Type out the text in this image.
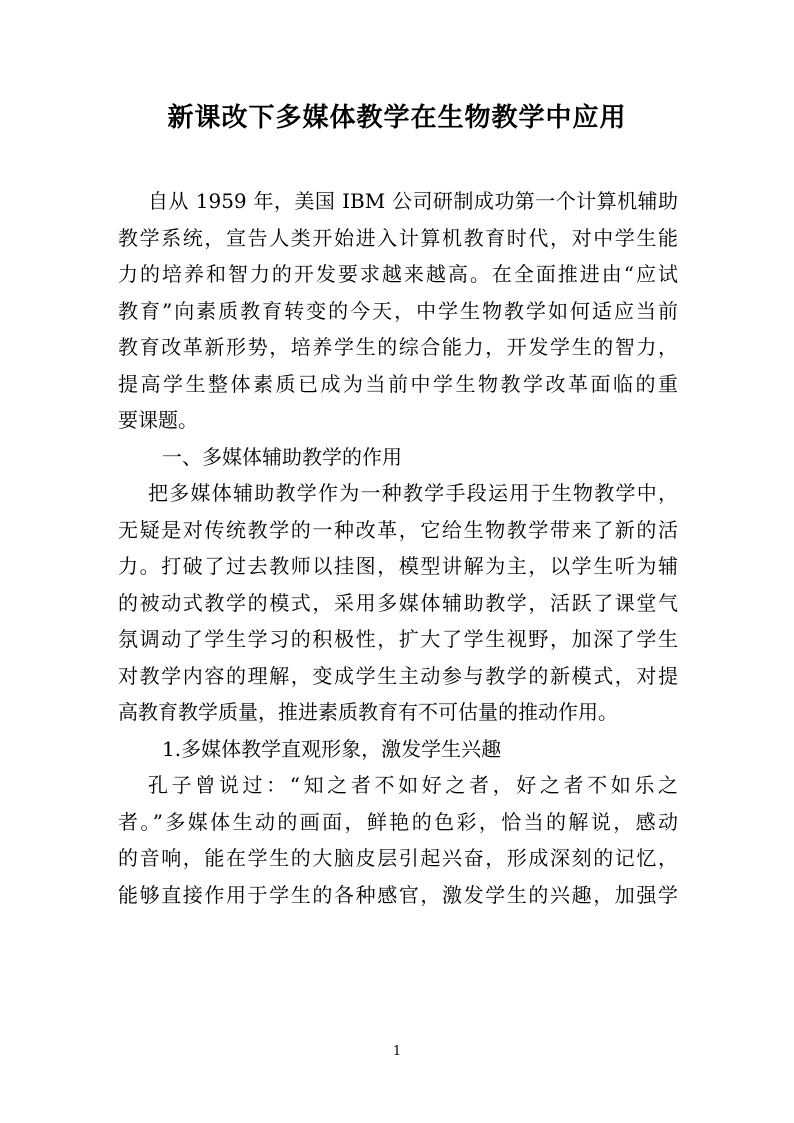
新课改下多媒体教学在生物教学中应用
自从 1959 年，美国 IBM 公司研制成功第一个计算机辅助
教学系统，宣告人类开始进入计算机教育时代，对中学生能
力的培养和智力的开发要求越来越高。在全面推进由“应试
教育”向素质教育转变的今天，中学生物教学如何适应当前
教育改革新形势，培养学生的综合能力，开发学生的智力，
提高学生整体素质已成为当前中学生物教学改革面临的重
要课题。
一、多媒体辅助教学的作用
把多媒体辅助教学作为一种教学手段运用于生物教学中，
无疑是对传统教学的一种改革，它给生物教学带来了新的活
力。打破了过去教师以挂图，模型讲解为主，以学生听为辅
的被动式教学的模式，采用多媒体辅助教学，活跃了课堂气
氛调动了学生学习的积极性，扩大了学生视野，加深了学生
对教学内容的理解，变成学生主动参与教学的新模式，对提
高教育教学质量，推进素质教育有不可估量的推动作用。
1.多媒体教学直观形象，激发学生兴趣
孔子曾说过：“知之者不如好之者，好之者不如乐之
者。”多媒体生动的画面，鲜艳的色彩，恰当的解说，感动
的音响，能在学生的大脑皮层引起兴奋，形成深刻的记忆，
能够直接作用于学生的各种感官，激发学生的兴趣，加强学
1
